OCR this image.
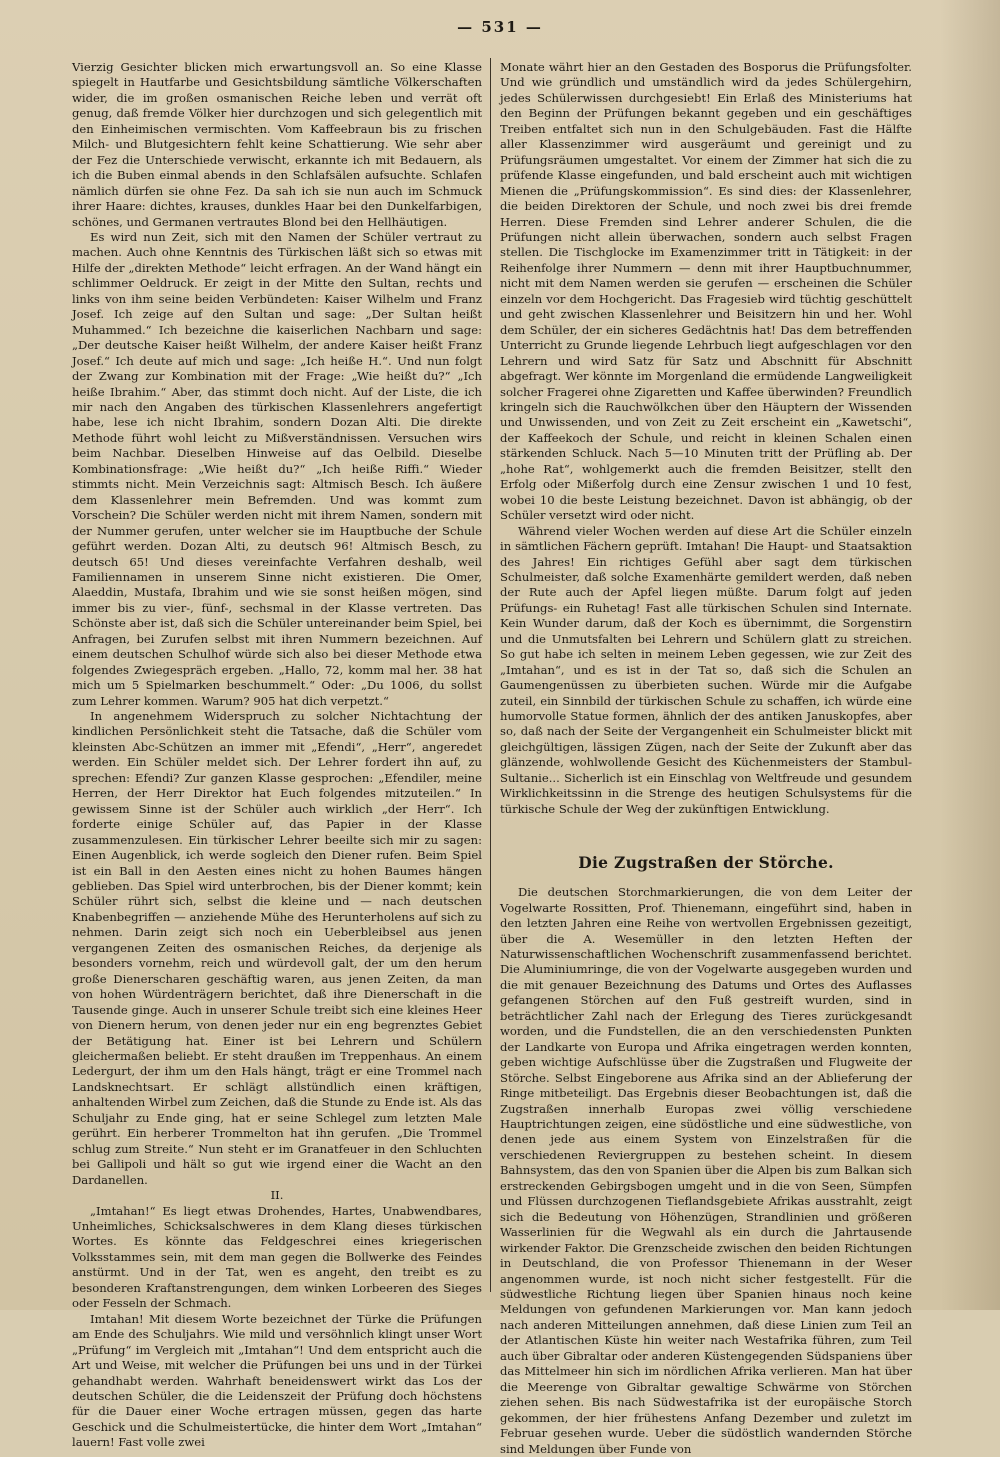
— 531 —

Vierzig Gesichter blicken mich erwartungsvoll an. So eine Klasse spiegelt in Hautfarbe und Gesichtsbildung sämtliche Völkerschaften wider, die im großen osmanischen Reiche leben und verrät oft genug, daß fremde Völker hier durchzogen und sich gelegentlich mit den Einheimischen vermischten. Vom Kaffeebraun bis zu frischen Milch- und Blutgesichtern fehlt keine Schattierung. Wie sehr aber der Fez die Unterschiede verwischt, erkannte ich mit Bedauern, als ich die Buben einmal abends in den Schlafsälen aufsuchte. Schlafen nämlich dürfen sie ohne Fez. Da sah ich sie nun auch im Schmuck ihrer Haare: dichtes, krauses, dunkles Haar bei den Dunkelfarbigen, schönes, und Germanen vertrautes Blond bei den Hellhäutigen.

Es wird nun Zeit, sich mit den Namen der Schüler vertraut zu machen. Auch ohne Kenntnis des Türkischen läßt sich so etwas mit Hilfe der „direkten Methode“ leicht erfragen. An der Wand hängt ein schlimmer Oeldruck. Er zeigt in der Mitte den Sultan, rechts und links von ihm seine beiden Verbündeten: Kaiser Wilhelm und Franz Josef. Ich zeige auf den Sultan und sage: „Der Sultan heißt Muhammed.“ Ich bezeichne die kaiserlichen Nachbarn und sage: „Der deutsche Kaiser heißt Wilhelm, der andere Kaiser heißt Franz Josef.“ Ich deute auf mich und sage: „Ich heiße H.“. Und nun folgt der Zwang zur Kombination mit der Frage: „Wie heißt du?“ „Ich heiße Ibrahim.“ Aber, das stimmt doch nicht. Auf der Liste, die ich mir nach den Angaben des türkischen Klassenlehrers angefertigt habe, lese ich nicht Ibrahim, sondern Dozan Alti. Die direkte Methode führt wohl leicht zu Mißverständnissen. Versuchen wirs beim Nachbar. Dieselben Hinweise auf das Oelbild. Dieselbe Kombinationsfrage: „Wie heißt du?“ „Ich heiße Riffi.“ Wieder stimmts nicht. Mein Verzeichnis sagt: Altmisch Besch. Ich äußere dem Klassenlehrer mein Befremden. Und was kommt zum Vorschein? Die Schüler werden nicht mit ihrem Namen, sondern mit der Nummer gerufen, unter welcher sie im Hauptbuche der Schule geführt werden. Dozan Alti, zu deutsch 96! Altmisch Besch, zu deutsch 65! Und dieses vereinfachte Verfahren deshalb, weil Familiennamen in unserem Sinne nicht existieren. Die Omer, Alaeddin, Mustafa, Ibrahim und wie sie sonst heißen mögen, sind immer bis zu vier-, fünf-, sechsmal in der Klasse vertreten. Das Schönste aber ist, daß sich die Schüler untereinander beim Spiel, bei Anfragen, bei Zurufen selbst mit ihren Nummern bezeichnen. Auf einem deutschen Schulhof würde sich also bei dieser Methode etwa folgendes Zwiegespräch ergeben. „Hallo, 72, komm mal her. 38 hat mich um 5 Spielmarken beschummelt.“ Oder: „Du 1006, du sollst zum Lehrer kommen. Warum? 905 hat dich verpetzt.“

In angenehmem Widerspruch zu solcher Nichtachtung der kindlichen Persönlichkeit steht die Tatsache, daß die Schüler vom kleinsten Abc-Schützen an immer mit „Efendi“, „Herr“, angeredet werden. Ein Schüler meldet sich. Der Lehrer fordert ihn auf, zu sprechen: Efendi? Zur ganzen Klasse gesprochen: „Efendiler, meine Herren, der Herr Direktor hat Euch folgendes mitzuteilen.“ In gewissem Sinne ist der Schüler auch wirklich „der Herr“. Ich forderte einige Schüler auf, das Papier in der Klasse zusammenzulesen. Ein türkischer Lehrer beeilte sich mir zu sagen: Einen Augenblick, ich werde sogleich den Diener rufen. Beim Spiel ist ein Ball in den Aesten eines nicht zu hohen Baumes hängen geblieben. Das Spiel wird unterbrochen, bis der Diener kommt; kein Schüler rührt sich, selbst die kleine und — nach deutschen Knabenbegriffen — anziehende Mühe des Herunterholens auf sich zu nehmen. Darin zeigt sich noch ein Ueberbleibsel aus jenen vergangenen Zeiten des osmanischen Reiches, da derjenige als besonders vornehm, reich und würdevoll galt, der um den herum große Dienerscharen geschäftig waren, aus jenen Zeiten, da man von hohen Würdenträgern berichtet, daß ihre Dienerschaft in die Tausende ginge. Auch in unserer Schule treibt sich eine kleines Heer von Dienern herum, von denen jeder nur ein eng begrenztes Gebiet der Betätigung hat. Einer ist bei Lehrern und Schülern gleichermaßen beliebt. Er steht draußen im Treppenhaus. An einem Ledergurt, der ihm um den Hals hängt, trägt er eine Trommel nach Landsknechtsart. Er schlägt allstündlich einen kräftigen, anhaltenden Wirbel zum Zeichen, daß die Stunde zu Ende ist. Als das Schuljahr zu Ende ging, hat er seine Schlegel zum letzten Male gerührt. Ein herberer Trommelton hat ihn gerufen. „Die Trommel schlug zum Streite.“ Nun steht er im Granatfeuer in den Schluchten bei Gallipoli und hält so gut wie irgend einer die Wacht an den Dardanellen.

II.

„Imtahan!“ Es liegt etwas Drohendes, Hartes, Unabwendbares, Unheimliches, Schicksalschweres in dem Klang dieses türkischen Wortes. Es könnte das Feldgeschrei eines kriegerischen Volksstammes sein, mit dem man gegen die Bollwerke des Feindes anstürmt. Und in der Tat, wen es angeht, den treibt es zu besonderen Kraftanstrengungen, dem winken Lorbeeren des Sieges oder Fesseln der Schmach.

Imtahan! Mit diesem Worte bezeichnet der Türke die Prüfungen am Ende des Schuljahrs. Wie mild und versöhnlich klingt unser Wort „Prüfung“ im Vergleich mit „Imtahan“! Und dem entspricht auch die Art und Weise, mit welcher die Prüfungen bei uns und in der Türkei gehandhabt werden. Wahrhaft beneidenswert wirkt das Los der deutschen Schüler, die die Leidenszeit der Prüfung doch höchstens für die Dauer einer Woche ertragen müssen, gegen das harte Geschick und die Schulmeistertücke, die hinter dem Wort „Imtahan“ lauern! Fast volle zwei

Monate währt hier an den Gestaden des Bosporus die Prüfungsfolter. Und wie gründlich und umständlich wird da jedes Schülergehirn, jedes Schülerwissen durchgesiebt! Ein Erlaß des Ministeriums hat den Beginn der Prüfungen bekannt gegeben und ein geschäftiges Treiben entfaltet sich nun in den Schulgebäuden. Fast die Hälfte aller Klassenzimmer wird ausgeräumt und gereinigt und zu Prüfungsräumen umgestaltet. Vor einem der Zimmer hat sich die zu prüfende Klasse eingefunden, und bald erscheint auch mit wichtigen Mienen die „Prüfungskommission“. Es sind dies: der Klassenlehrer, die beiden Direktoren der Schule, und noch zwei bis drei fremde Herren. Diese Fremden sind Lehrer anderer Schulen, die die Prüfungen nicht allein überwachen, sondern auch selbst Fragen stellen. Die Tischglocke im Examenzimmer tritt in Tätigkeit: in der Reihenfolge ihrer Nummern — denn mit ihrer Hauptbuchnummer, nicht mit dem Namen werden sie gerufen — erscheinen die Schüler einzeln vor dem Hochgericht. Das Fragesieb wird tüchtig geschüttelt und geht zwischen Klassenlehrer und Beisitzern hin und her. Wohl dem Schüler, der ein sicheres Gedächtnis hat! Das dem betreffenden Unterricht zu Grunde liegende Lehrbuch liegt aufgeschlagen vor den Lehrern und wird Satz für Satz und Abschnitt für Abschnitt abgefragt. Wer könnte im Morgenland die ermüdende Langweiligkeit solcher Fragerei ohne Zigaretten und Kaffee überwinden? Freundlich kringeln sich die Rauchwölkchen über den Häuptern der Wissenden und Unwissenden, und von Zeit zu Zeit erscheint ein „Kawetschi“, der Kaffeekoch der Schule, und reicht in kleinen Schalen einen stärkenden Schluck. Nach 5—10 Minuten tritt der Prüfling ab. Der „hohe Rat“, wohlgemerkt auch die fremden Beisitzer, stellt den Erfolg oder Mißerfolg durch eine Zensur zwischen 1 und 10 fest, wobei 10 die beste Leistung bezeichnet. Davon ist abhängig, ob der Schüler versetzt wird oder nicht.

Während vieler Wochen werden auf diese Art die Schüler einzeln in sämtlichen Fächern geprüft. Imtahan! Die Haupt- und Staatsaktion des Jahres! Ein richtiges Gefühl aber sagt dem türkischen Schulmeister, daß solche Examenhärte gemildert werden, daß neben der Rute auch der Apfel liegen müßte. Darum folgt auf jeden Prüfungs- ein Ruhetag! Fast alle türkischen Schulen sind Internate. Kein Wunder darum, daß der Koch es übernimmt, die Sorgenstirn und die Unmutsfalten bei Lehrern und Schülern glatt zu streichen. So gut habe ich selten in meinem Leben gegessen, wie zur Zeit des „Imtahan“, und es ist in der Tat so, daß sich die Schulen an Gaumengenüssen zu überbieten suchen. Würde mir die Aufgabe zuteil, ein Sinnbild der türkischen Schule zu schaffen, ich würde eine humorvolle Statue formen, ähnlich der des antiken Januskopfes, aber so, daß nach der Seite der Vergangenheit ein Schulmeister blickt mit gleichgültigen, lässigen Zügen, nach der Seite der Zukunft aber das glänzende, wohlwollende Gesicht des Küchenmeisters der Stambul-Sultanie... Sicherlich ist ein Einschlag von Weltfreude und gesundem Wirklichkeitssinn in die Strenge des heutigen Schulsystems für die türkische Schule der Weg der zukünftigen Entwicklung.

Die Zugstraßen der Störche.

Die deutschen Storchmarkierungen, die von dem Leiter der Vogelwarte Rossitten, Prof. Thienemann, eingeführt sind, haben in den letzten Jahren eine Reihe von wertvollen Ergebnissen gezeitigt, über die A. Wesemüller in den letzten Heften der Naturwissenschaftlichen Wochenschrift zusammenfassend berichtet. Die Aluminiumringe, die von der Vogelwarte ausgegeben wurden und die mit genauer Bezeichnung des Datums und Ortes des Auflasses gefangenen Störchen auf den Fuß gestreift wurden, sind in beträchtlicher Zahl nach der Erlegung des Tieres zurückgesandt worden, und die Fundstellen, die an den verschiedensten Punkten der Landkarte von Europa und Afrika eingetragen werden konnten, geben wichtige Aufschlüsse über die Zugstraßen und Flugweite der Störche. Selbst Eingeborene aus Afrika sind an der Ablieferung der Ringe mitbeteiligt. Das Ergebnis dieser Beobachtungen ist, daß die Zugstraßen innerhalb Europas zwei völlig verschiedene Hauptrichtungen zeigen, eine südöstliche und eine südwestliche, von denen jede aus einem System von Einzelstraßen für die verschiedenen Reviergruppen zu bestehen scheint. In diesem Bahnsystem, das den von Spanien über die Alpen bis zum Balkan sich erstreckenden Gebirgsbogen umgeht und in die von Seen, Sümpfen und Flüssen durchzogenen Tieflandsgebiete Afrikas ausstrahlt, zeigt sich die Bedeutung von Höhenzügen, Strandlinien und größeren Wasserlinien für die Wegwahl als ein durch die Jahrtausende wirkender Faktor. Die Grenzscheide zwischen den beiden Richtungen in Deutschland, die von Professor Thienemann in der Weser angenommen wurde, ist noch nicht sicher festgestellt. Für die südwestliche Richtung liegen über Spanien hinaus noch keine Meldungen von gefundenen Markierungen vor. Man kann jedoch nach anderen Mitteilungen annehmen, daß diese Linien zum Teil an der Atlantischen Küste hin weiter nach Westafrika führen, zum Teil auch über Gibraltar oder anderen Küstengegenden Südspaniens über das Mittelmeer hin sich im nördlichen Afrika verlieren. Man hat über die Meerenge von Gibraltar gewaltige Schwärme von Störchen ziehen sehen. Bis nach Südwestafrika ist der europäische Storch gekommen, der hier frühestens Anfang Dezember und zuletzt im Februar gesehen wurde. Ueber die südöstlich wandernden Störche sind Meldungen über Funde von
